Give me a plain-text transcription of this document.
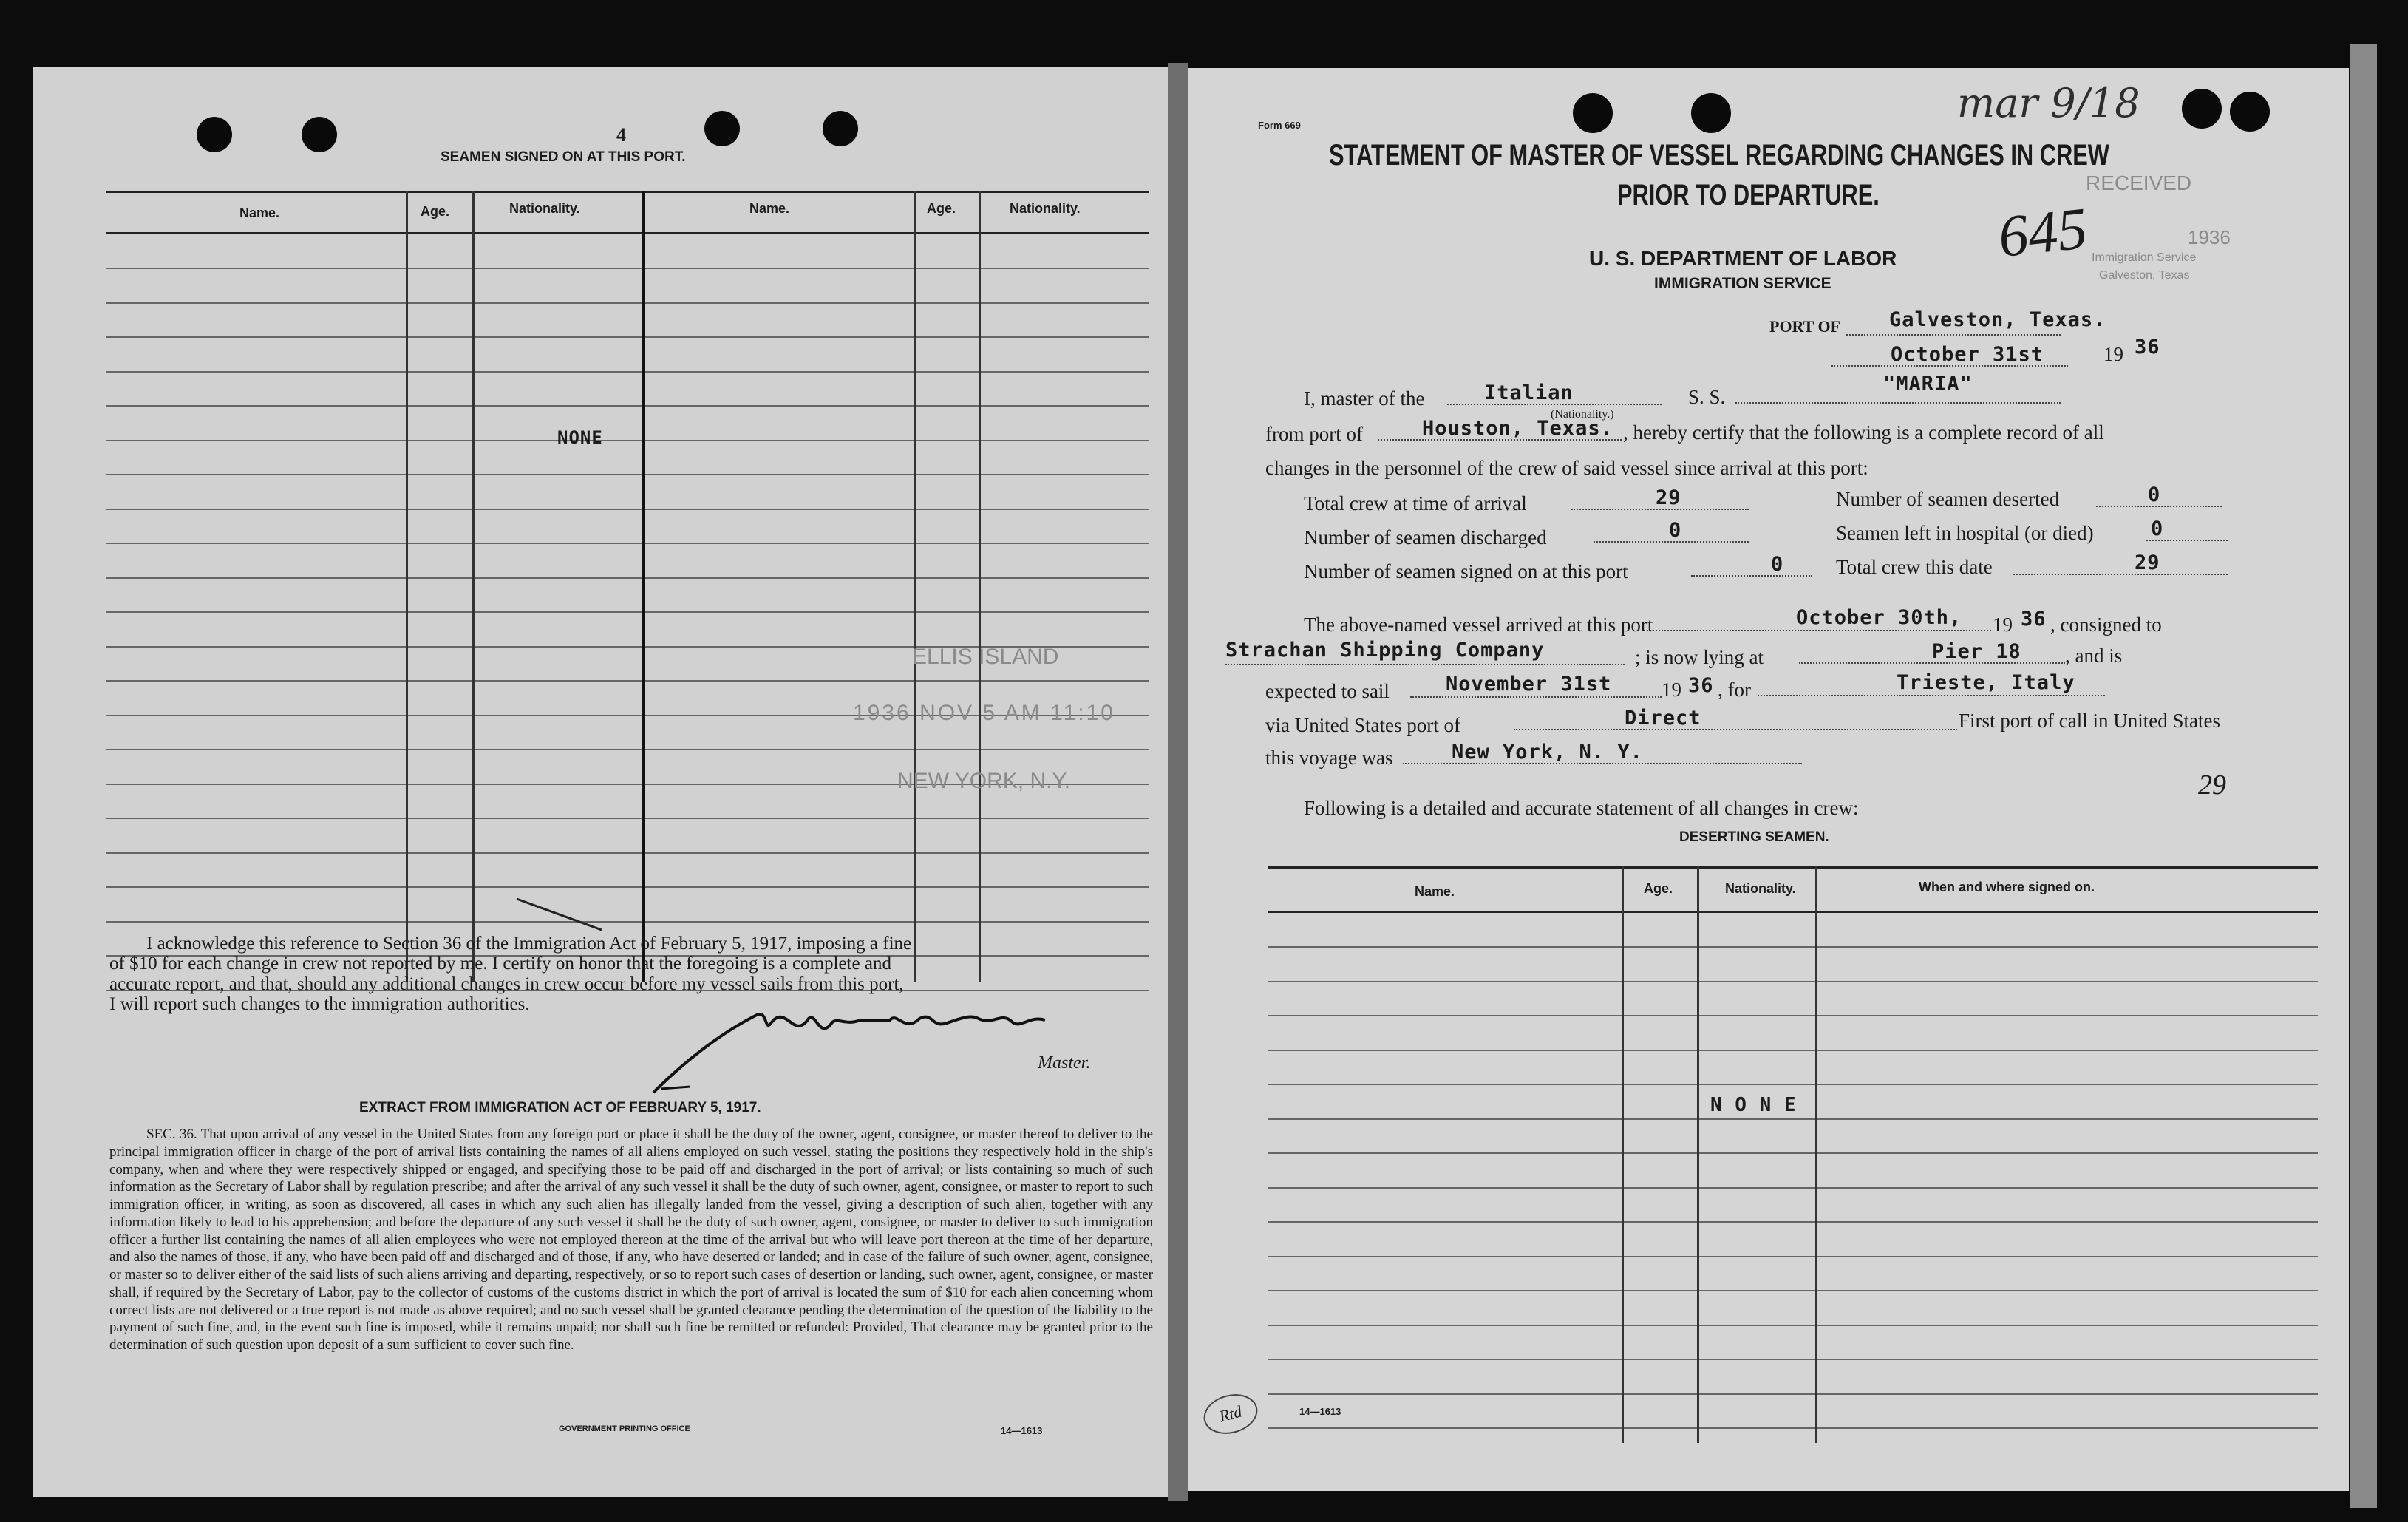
4
SEAMEN SIGNED ON AT THIS PORT.
Name.	Age.	Nationality.	Name.	Age.	Nationality.
NONE
ELLIS ISLAND
1936 NOV 5 AM 11:10
NEW YORK, N.Y.
I acknowledge this reference to Section 36 of the Immigration Act of February 5, 1917, imposing a fine
of $10 for each change in crew not reported by me. I certify on honor that the foregoing is a complete and
accurate report, and that, should any additional changes in crew occur before my vessel sails from this port,
I will report such changes to the immigration authorities.
Master.
EXTRACT FROM IMMIGRATION ACT OF FEBRUARY 5, 1917.
SEC. 36. That upon arrival of any vessel in the United States from any foreign port or place it shall be the duty of the owner, agent, consignee, or master thereof to deliver to the principal immigration officer in charge of the port of arrival lists containing the names of all aliens employed on such vessel, stating the positions they respectively hold in the ship's company, when and where they were respectively shipped or engaged, and specifying those to be paid off and discharged in the port of arrival; or lists containing so much of such information as the Secretary of Labor shall by regulation prescribe; and after the arrival of any such vessel it shall be the duty of such owner, agent, consignee, or master to report to such immigration officer, in writing, as soon as discovered, all cases in which any such alien has illegally landed from the vessel, giving a description of such alien, together with any information likely to lead to his apprehension; and before the departure of any such vessel it shall be the duty of such owner, agent, consignee, or master to deliver to such immigration officer a further list containing the names of all alien employees who were not employed thereon at the time of the arrival but who will leave port thereon at the time of her departure, and also the names of those, if any, who have been paid off and discharged and of those, if any, who have deserted or landed; and in case of the failure of such owner, agent, consignee, or master so to deliver either of the said lists of such aliens arriving and departing, respectively, or so to report such cases of desertion or landing, such owner, agent, consignee, or master shall, if required by the Secretary of Labor, pay to the collector of customs of the customs district in which the port of arrival is located the sum of $10 for each alien concerning whom correct lists are not delivered or a true report is not made as above required; and no such vessel shall be granted clearance pending the determination of the question of the liability to the payment of such fine, and, in the event such fine is imposed, while it remains unpaid; nor shall such fine be remitted or refunded: Provided, That clearance may be granted prior to the determination of such question upon deposit of a sum sufficient to cover such fine.
GOVERNMENT PRINTING OFFICE	14—1613
Form 669	mar 9/18
STATEMENT OF MASTER OF VESSEL REGARDING CHANGES IN CREW
PRIOR TO DEPARTURE.
U. S. DEPARTMENT OF LABOR
IMMIGRATION SERVICE
645
RECEIVED
1936
Immigration Service
Galveston, Texas
PORT OF Galveston, Texas.
October 31st	19 36
I, master of the	Italian
(Nationality.)
S. S.
"MARIA"
from port of	Houston, Texas. , hereby certify that the following is a complete record of all
changes in the personnel of the crew of said vessel since arrival at this port:
Total crew at time of arrival	29	Number of seamen deserted	0
Number of seamen discharged	0	Seamen left in hospital (or died)	0
Number of seamen signed on at this port	0	Total crew this date	29
The above-named vessel arrived at this port	October 30th, 19 36 , consigned to
Strachan Shipping Company	; is now lying at	Pier 18 , and is
expected to sail	November 31st	19 36 , for	Trieste, Italy
via United States port of	Direct	First port of call in United States
this voyage was	New York, N. Y.
29
Following is a detailed and accurate statement of all changes in crew:
DESERTING SEAMEN.
Name.	Age.	Nationality.	When and where signed on.
N O N E
Rtd	14—1613
